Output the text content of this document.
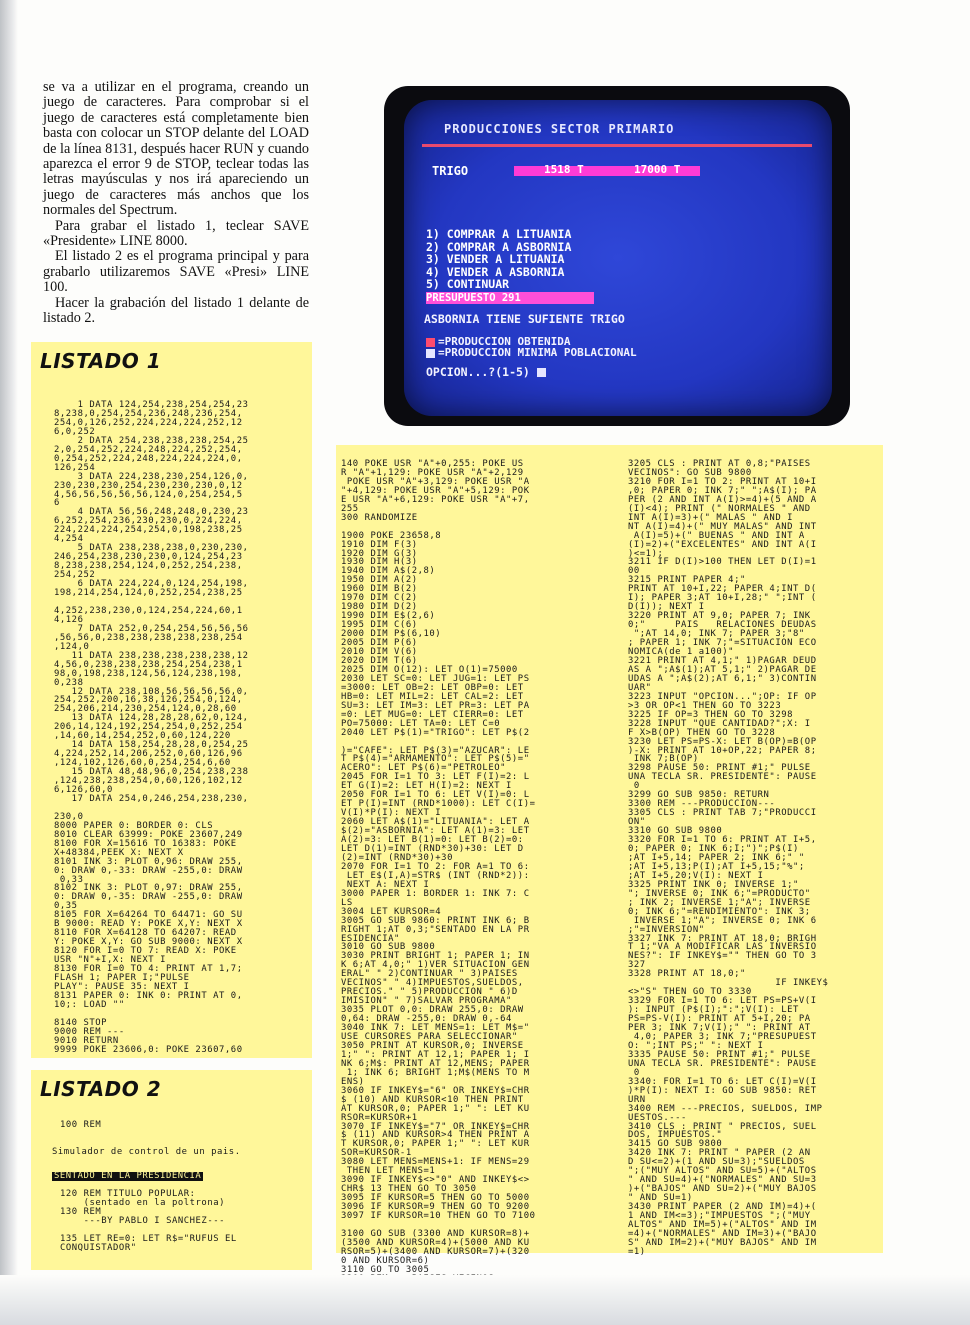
se va a utilizar en el programa, creando un juego de caracteres. Para comprobar si el juego de caracteres está completamente bien basta con colocar un STOP delante del LOAD de la línea 8131, después hacer RUN y cuando aparezca el error 9 de STOP, teclear todas las letras mayúsculas y nos irá apareciendo un juego de caracteres más anchos que los normales del Spectrum.

Para grabar el listado 1, teclear SAVE «Presidente» LINE 8000.

El listado 2 es el programa principal y para grabarlo utilizaremos SAVE «Presi» LINE 100.

Hacer la grabación del listado 1 delante de listado 2.

PRODUCCIONES SECTOR PRIMARIO
TRIGO	1518 T	17000 T
1) COMPRAR A LITUANIA
2) COMPRAR A ASBORNIA
3) VENDER A LITUANIA
4) VENDER A ASBORNIA
5) CONTINUAR
PRESUPUESTO 291
ASBORNIA TIENE SUFIENTE TRIGO
=PRODUCCION OBTENIDA
=PRODUCCION MINIMA POBLACIONAL
OPCION...?(1-5)
LISTADO 1
1 DATA 124,254,238,254,254,23
8,238,0,254,254,236,248,236,254,
254,0,126,252,224,224,224,252,12
6,0,252
2 DATA 254,238,238,238,254,25
2,0,254,252,224,248,224,252,254,
0,254,252,224,248,224,224,224,0,
126,254
3 DATA 224,238,230,254,126,0,
230,230,230,254,230,230,230,0,12
4,56,56,56,56,56,124,0,254,254,5
6
4 DATA 56,56,248,248,0,230,23
6,252,254,236,230,230,0,224,224,
224,224,224,254,254,0,198,238,25
4,254
5 DATA 238,238,238,0,230,230,
246,254,238,230,230,0,124,254,23
8,238,238,254,124,0,252,254,238,
254,252
6 DATA 224,224,0,124,254,198,
198,214,254,124,0,252,254,238,25

4,252,238,230,0,124,254,224,60,1
4,126
7 DATA 252,0,254,254,56,56,56
,56,56,0,238,238,238,238,238,254
,124,0
11 DATA 238,238,238,238,238,12
4,56,0,238,238,238,254,254,238,1
98,0,198,238,124,56,124,238,198,
0,238
12 DATA 238,108,56,56,56,56,0,
254,252,200,16,38,126,254,0,124,
254,206,214,230,254,124,0,28,60
13 DATA 124,28,28,28,62,0,124,
206,14,124,192,254,254,0,252,254
,14,60,14,254,252,0,60,124,220
14 DATA 158,254,28,28,0,254,25
4,224,252,14,206,252,0,60,126,96
,124,102,126,60,0,254,254,6,60
15 DATA 48,48,96,0,254,238,238
,124,238,238,254,0,60,126,102,12
6,126,60,0
17 DATA 254,0,246,254,238,230,

230,0
8000 PAPER 0: BORDER 0: CLS
8010 CLEAR 63999: POKE 23607,249
8100 FOR X=15616 TO 16383: POKE
X+48384,PEEK X: NEXT X
8101 INK 3: PLOT 0,96: DRAW 255,
0: DRAW 0,-33: DRAW -255,0: DRAW
0,33
8102 INK 3: PLOT 0,97: DRAW 255,
0: DRAW 0,-35: DRAW -255,0: DRAW
0,35
8105 FOR X=64264 TO 64471: GO SU
B 9000: READ Y: POKE X,Y: NEXT X
8110 FOR X=64128 TO 64207: READ
Y: POKE X,Y: GO SUB 9000: NEXT X
8120 FOR I=0 TO 7: READ X: POKE
USR "N"+I,X: NEXT I
8130 FOR I=0 TO 4: PRINT AT 1,7;
FLASH 1; PAPER I;"PULSE
PLAY": PAUSE 35: NEXT I
8131 PAPER 0: INK 0: PRINT AT 0,
10;: LOAD ""

8140 STOP
9000 REM ---
9010 RETURN
9999 POKE 23606,0: POKE 23607,60
LISTADO 2
100 REM
Simulador de control de un pais.
SENTADO EN LA PRESIDENCIA
120 REM TITULO POPULAR:
(sentado en la poltrona)
130 REM
---BY PABLO I SANCHEZ---

135 LET RE=0: LET R$="RUFUS EL
CONQUISTADOR"
140 POKE USR "A"+0,255: POKE US
R "A"+1,129: POKE USR "A"+2,129
POKE USR "A"+3,129: POKE USR "A
"+4,129: POKE USR "A"+5,129: POK
E USR "A"+6,129: POKE USR "A"+7,
255
300 RANDOMIZE

1900 POKE 23658,8
1910 DIM F(3)
1920 DIM G(3)
1930 DIM H(3)
1940 DIM A$(2,8)
1950 DIM A(2)
1960 DIM B(2)
1970 DIM C(2)
1980 DIM D(2)
1990 DIM E$(2,6)
1995 DIM C(6)
2000 DIM P$(6,10)
2005 DIM P(6)
2010 DIM V(6)
2020 DIM T(6)
2025 DIM O(12): LET O(1)=75000
2030 LET SC=0: LET JUG=1: LET PS
=3000: LET OB=2: LET OBP=0: LET
HB=0: LET MIL=2: LET CAL=2: LET
SU=3: LET IM=3: LET PR=3: LET PA
=0: LET MUG=0: LET CIERR=0: LET
PO=75000: LET TA=0: LET C=0
2040 LET P$(1)="TRIGO": LET P$(2

)="CAFE": LET P$(3)="AZUCAR": LE
T P$(4)="ARMAMENTO": LET P$(5)="
ACERO": LET P$(6)="PETROLEO"
2045 FOR I=1 TO 3: LET F(I)=2: L
ET G(I)=2: LET H(I)=2: NEXT I
2050 FOR I=1 TO 6: LET V(I)=0: L
ET P(I)=INT (RND*1000): LET C(I)=
V(I)*P(I): NEXT I
2060 LET A$(1)="LITUANIA": LET A
$(2)="ASBORNIA": LET A(1)=3: LET
A(2)=3: LET B(1)=0: LET B(2)=0:
LET D(1)=INT (RND*30)+30: LET D
(2)=INT (RND*30)+30
2070 FOR I=1 TO 2: FOR A=1 TO 6:
LET E$(I,A)=STR$ (INT (RND*2)):
NEXT A: NEXT I
3000 PAPER 1: BORDER 1: INK 7: C
LS
3004 LET KURSOR=4
3005 GO SUB 9860: PRINT INK 6; B
RIGHT 1;AT 0,3;"SENTADO EN LA PR
ESIDENCIA"
3010 GO SUB 9800
3030 PRINT BRIGHT 1; PAPER 1; IN
K 6;AT 4,0;" 1)VER SITUACION GEN
ERAL" " 2)CONTINUAR " 3)PAISES
VECINOS" " 4)IMPUESTOS,SUELDOS,
PRECIOS." " 5)PRODUCCION " 6)D
IMISION" " 7)SALVAR PROGRAMA"
3035 PLOT 0,0: DRAW 255,0: DRAW
0,64: DRAW -255,0: DRAW 0,-64
3040 INK 7: LET MENS=1: LET M$="
USE CURSORES PARA SELECCIONAR"
3050 PRINT AT KURSOR,0; INVERSE
1;" ": PRINT AT 12,1; PAPER 1; I
NK 6;M$: PRINT AT 12,MENS; PAPER
1; INK 6; BRIGHT 1;M$(MENS TO M
ENS)
3060 IF INKEY$="6" OR INKEY$=CHR
$ (10) AND KURSOR<10 THEN PRINT
AT KURSOR,0; PAPER 1;" ": LET KU
RSOR=KURSOR+1
3070 IF INKEY$="7" OR INKEY$=CHR
$ (11) AND KURSOR>4 THEN PRINT A
T KURSOR,0; PAPER 1;" ": LET KUR
SOR=KURSOR-1
3080 LET MENS=MENS+1: IF MENS=29
THEN LET MENS=1
3090 IF INKEY$<>"0" AND INKEY$<>
CHR$ 13 THEN GO TO 3050
3095 IF KURSOR=5 THEN GO TO 5000
3096 IF KURSOR=9 THEN GO TO 9200
3097 IF KURSOR=10 THEN GO TO 7100

3100 GO SUB (3300 AND KURSOR=8)+
(3500 AND KURSOR=4)+(5000 AND KU
RSOR=5)+(3400 AND KURSOR=7)+(320
0 AND KURSOR=6)
3110 GO TO 3005

3205 CLS : PRINT AT 0,8;"PAISES
VECINOS": GO SUB 9800
3210 FOR I=1 TO 2: PRINT AT 10+I
,0; PAPER 0; INK 7;" ";A$(I); PA
PER (2 AND INT A(I)>=4)+(5 AND A
(I)<4); PRINT (" NORMALES " AND
INT A(I)=3)+(" MALAS " AND I
NT A(I)=4)+(" MUY MALAS" AND INT
A(I)=5)+(" BUENAS " AND INT A
(I)=2)+("EXCELENTES" AND INT A(I
)<=1);
3211 IF D(I)>100 THEN LET D(I)=1
00
3215 PRINT PAPER 4;"
PRINT AT 10+I,22; PAPER 4;INT D(
I); PAPER 3;AT 10+I,28;" ";INT (
D(I)); NEXT I
3220 PRINT AT 9,0; PAPER 7; INK
0;"     PAIS   RELACIONES DEUDAS
";AT 14,0; INK 7; PAPER 3;"8"
; PAPER 1; INK 7;"=SITUACION ECO
NOMICA(de 1 a100)"
3221 PRINT AT 4,1;" 1)PAGAR DEUD
AS A ";A$(1);AT 5,1;" 2)PAGAR DE
UDAS A ";A$(2);AT 6,1;" 3)CONTIN
UAR"
3223 INPUT "OPCION...";OP: IF OP
>3 OR OP<1 THEN GO TO 3223
3225 IF OP=3 THEN GO TO 3298
3228 INPUT "QUE CANTIDAD?";X: I
F X>B(OP) THEN GO TO 3228
3230 LET PS=PS-X: LET B(OP)=B(OP
)-X: PRINT AT 10+OP,22; PAPER 8;
INK 7;B(OP)
3298 PAUSE 50: PRINT #1;" PULSE
UNA TECLA SR. PRESIDENTE": PAUSE
0
3299 GO SUB 9850: RETURN
3300 REM ---PRODUCCION---
3305 CLS : PRINT TAB 7;"PRODUCCI
ON"
3310 GO SUB 9800
3320 FOR I=1 TO 6: PRINT AT I+5,
0; PAPER 0; INK 6;I;")";P$(I)
;AT I+5,14; PAPER 2; INK 6;" "
;AT I+5,13;P(I);AT I+5,15;"%";
;AT I+5,20;V(I): NEXT I
3325 PRINT INK 0; INVERSE 1;"
"; INVERSE 0; INK 6;"=PRODUCTO"
; INK 2; INVERSE 1;"A"; INVERSE
0; INK 6;"=RENDIMIENTO": INK 3;
INVERSE 1;"A"; INVERSE 0; INK 6
;"=INVERSION"
3327 INK 7: PRINT AT 18,0; BRIGH
T 1;"VA A MODIFICAR LAS INVERSIO
NES?": IF INKEY$="" THEN GO TO 3
327
3328 PRINT AT 18,0;"
IF INKEY$
<>"S" THEN GO TO 3330
3329 FOR I=1 TO 6: LET PS=PS+V(I
): INPUT (P$(I);":";V(I): LET
PS=PS-V(I): PRINT AT 5+I,20; PA
PER 3; INK 7;V(I);" ": PRINT AT
4,0; PAPER 3; INK 7;"PRESUPUEST
O: ";INT PS;" ": NEXT I
3335 PAUSE 50: PRINT #1;" PULSE
UNA TECLA SR. PRESIDENTE": PAUSE
0
3340: FOR I=1 TO 6: LET C(I)=V(I
)*P(I): NEXT I: GO SUB 9850: RET
URN
3400 REM ---PRECIOS, SUELDOS, IMP
UESTOS.---
3410 CLS : PRINT " PRECIOS, SUEL
DOS, IMPUESTOS."
3415 GO SUB 9800
3420 INK 7: PRINT " PAPER (2 AN
D SU<=2)+(1 AND SU=3);"SUELDOS
";("MUY ALTOS" AND SU=5)+("ALTOS
" AND SU=4)+("NORMALES" AND SU=3
)+("BAJOS" AND SU=2)+("MUY BAJOS
" AND SU=1)
3430 PRINT PAPER (2 AND IM)=4)+(
1 AND IM<=3);"IMPUESTOS ";("MUY
ALTOS" AND IM=5)+("ALTOS" AND IM
=4)+("NORMALES" AND IM=3)+("BAJO
S" AND IM=2)+("MUY BAJOS" AND IM
=1)
